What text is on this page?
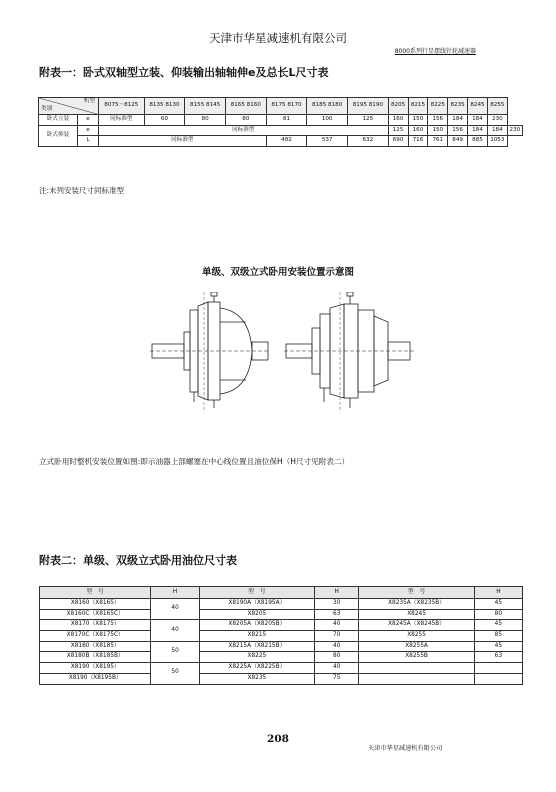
天津市华星减速机有限公司
8000系列行星摆线针轮减速器
附表一：卧式双轴型立装、仰装输出轴轴伸e及总长L尺寸表
机型
类别		8075～8125	8135 8130	8155 8145	8165 8160	8175 8170	8185 8180	8195 8190	8205	8215	8225	8235	8245	8255	
卧式立装	e	同标准型	60	80	80	81	100	125	160	150	156	184	184	230	
卧式仰装	e	同标准型							125	160	150	156	184	184	230
	L	同标准型				482	537	632	690	716	761	849	885	1053	
注:未列安装尺寸同标准型
单级、双级立式卧用安装位置示意图
立式卧用时整机安装位置如图:即示油器上部螺塞在中心线位置且油位保H（H尺寸见附表二）
附表二：单级、双级立式卧用油位尺寸表
型　号	H	型　号	H	型　号	H
X8160（X8165）	40	X8190A（X8195A）	30	X8235A（X8235B）	45
X8160C（X8165C）		X8205	63	X8245	80
X8170（X8175）	40	X8205A（X8205B）	40	X8245A（X8245B）	45
X8170C（X8175C）		X8215	70	X8255	85
X8180（X8185）	50	X8215A（X8215B）	40	X8255A	45
X8180B（X8185B）		X8225	80	X8255B	63
X8190（X8195）	50	X8225A（X8225B）	40		
X8190（X8195B）		X8235	75		
208
天津市华星减速机有限公司
